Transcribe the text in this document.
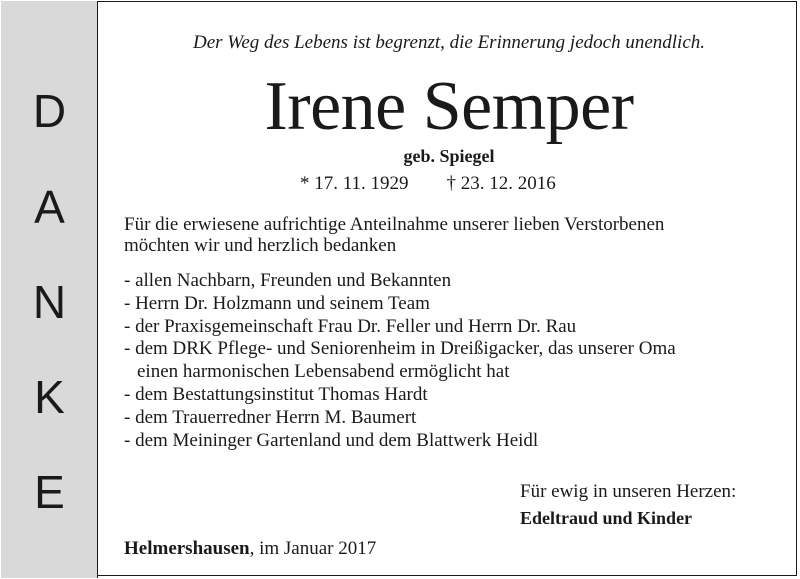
D
A
N
K
E
Der Weg des Lebens ist begrenzt, die Erinnerung jedoch unendlich.
Irene Semper
geb. Spiegel
* 17. 11. 1929 † 23. 12. 2016
Für die erwiesene aufrichtige Anteilnahme unserer lieben Verstorbenen
möchten wir und herzlich bedanken
- allen Nachbarn, Freunden und Bekannten
- Herrn Dr. Holzmann und seinem Team
- der Praxisgemeinschaft Frau Dr. Feller und Herrn Dr. Rau
- dem DRK Pflege- und Seniorenheim in Dreißigacker, das unserer Oma
einen harmonischen Lebensabend ermöglicht hat
- dem Bestattungsinstitut Thomas Hardt
- dem Trauerredner Herrn M. Baumert
- dem Meininger Gartenland und dem Blattwerk Heidl
Für ewig in unseren Herzen:
Edeltraud und Kinder
Helmershausen, im Januar 2017
